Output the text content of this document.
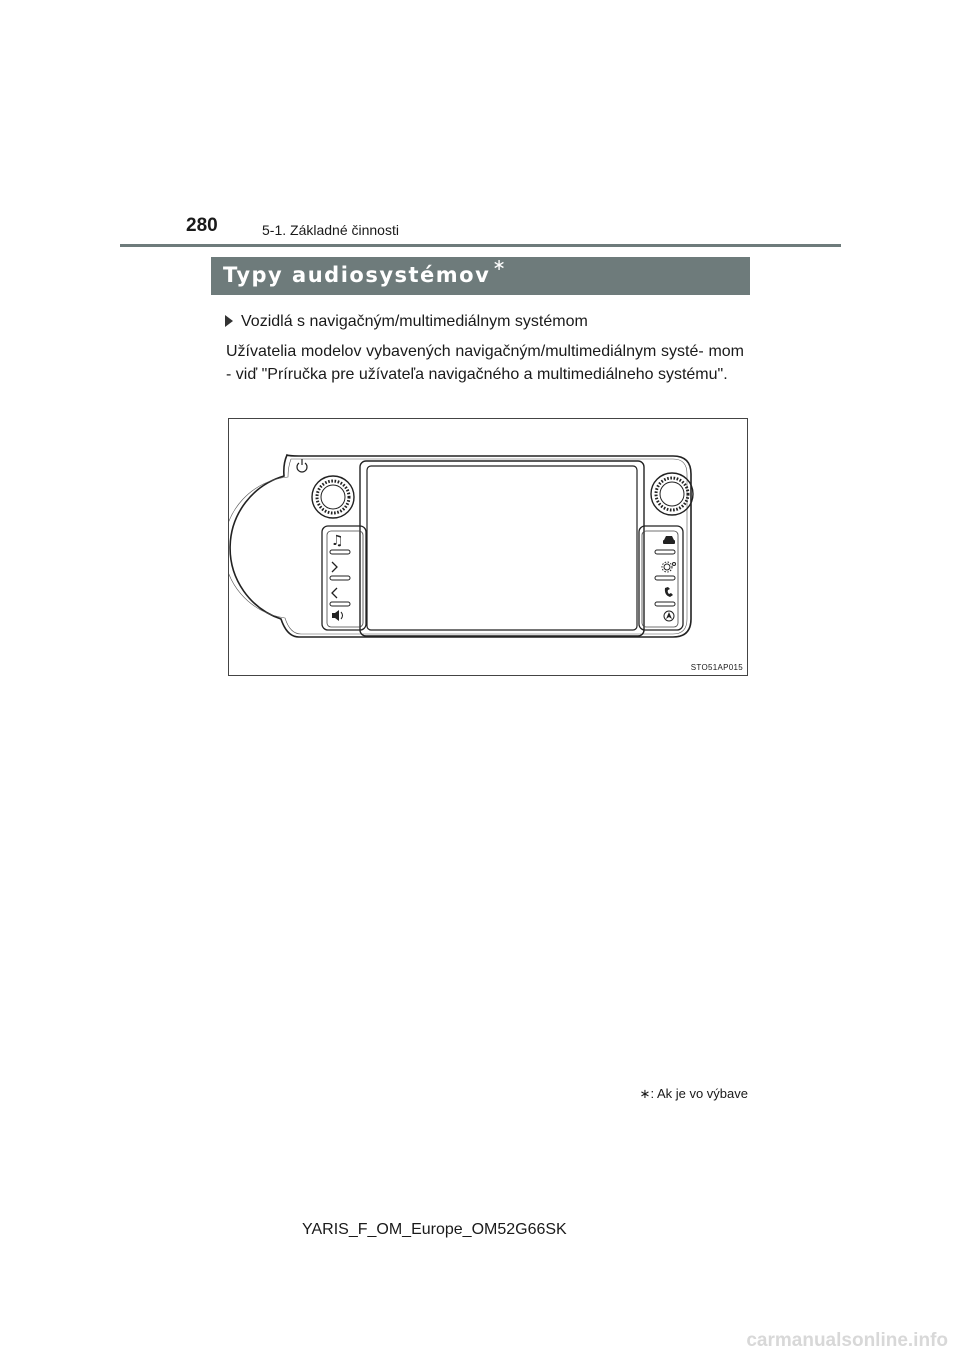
280	5-1. Základné činnosti
Typy audiosystémov ∗
Vozidlá s navigačným/multimediálnym systémom

Užívatelia modelov vybavených navigačným/multimediálnym systé- mom - viď "Príručka pre užívateľa navigačného a multimediálneho systému".

♫
STO51AP015
∗: Ak je vo výbave
YARIS_F_OM_Europe_OM52G66SK
carmanualsonline.info
